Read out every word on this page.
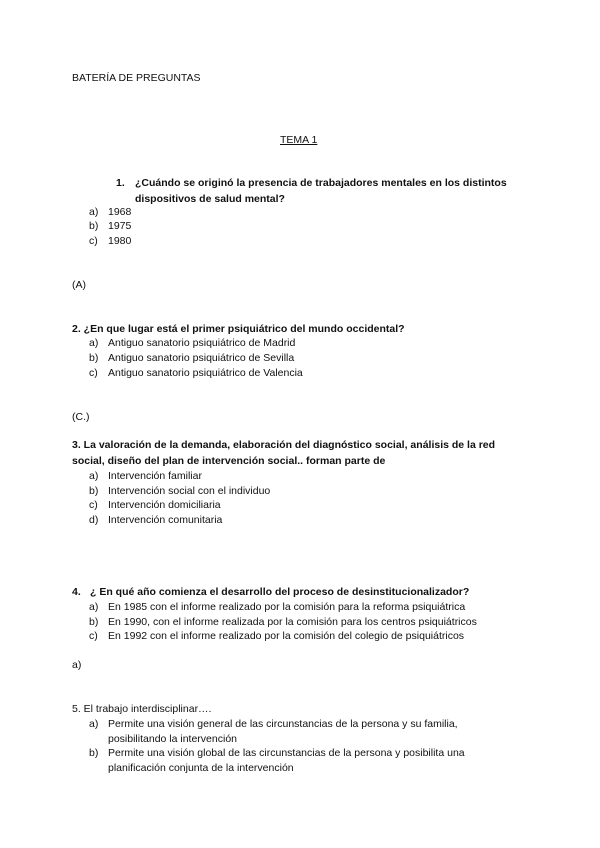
BATERÍA DE PREGUNTAS
TEMA 1
1. ¿Cuándo se originó la presencia de trabajadores mentales en los distintos dispositivos de salud mental?
a) 1968
b) 1975
c) 1980
(A)
2. ¿En que lugar está el primer psiquiátrico del mundo occidental?
a) Antiguo sanatorio psiquiátrico de Madrid
b) Antiguo sanatorio psiquiátrico de Sevilla
c) Antiguo sanatorio psiquiátrico de Valencia
(C.)
3. La valoración de la demanda, elaboración del diagnóstico social, análisis de la red
social, diseño del plan de intervención social.. forman parte de
a) Intervención familiar
b) Intervención social con el individuo
c) Intervención domiciliaria
d) Intervención comunitaria
4. ¿ En qué año comienza el desarrollo del proceso de desinstitucionalizador?
a) En 1985 con el informe realizado por la comisión para la reforma psiquiátrica
b) En 1990, con el informe realizada por la comisión para los centros psiquiátricos
c) En 1992 con el informe realizado por la comisión del colegio de psiquiátricos
a)
5. El trabajo interdisciplinar….
a) Permite una visión general de las circunstancias de la persona y su familia,
posibilitando la intervención
b) Permite una visión global de las circunstancias de la persona y posibilita una
planificación conjunta de la intervención
